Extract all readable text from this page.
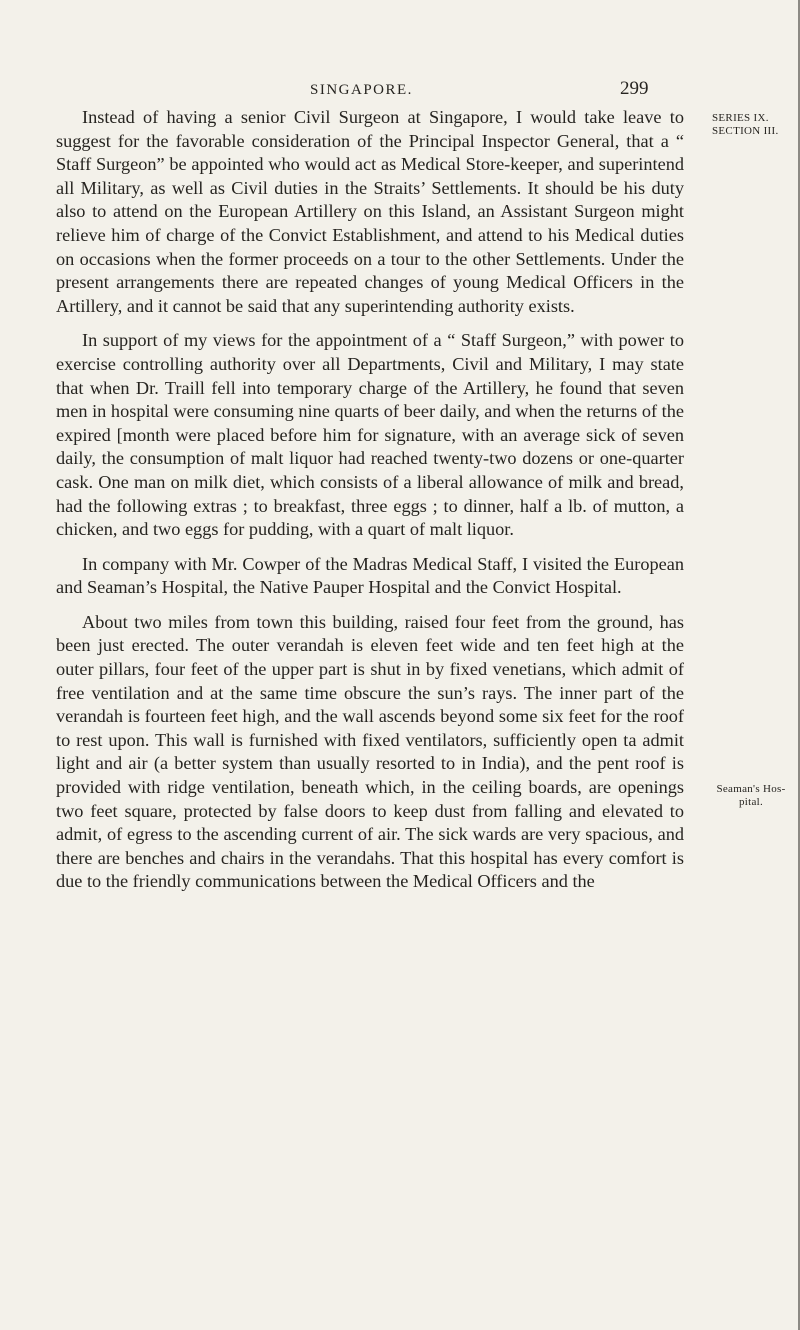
SINGAPORE.	299
SERIES IX.
SECTION III.
Seaman's Hos-
pital.

Instead of having a senior Civil Surgeon at Singapore, I would take leave to suggest for the favorable consideration of the Principal Inspector General, that a “ Staff Surgeon” be appointed who would act as Medical Store-keeper, and superintend all Military, as well as Civil duties in the Straits’ Settlements. It should be his duty also to attend on the European Artillery on this Island, an Assistant Surgeon might relieve him of charge of the Convict Establishment, and attend to his Medical duties on occasions when the former proceeds on a tour to the other Settlements. Under the present arrangements there are repeated changes of young Medical Officers in the Artillery, and it cannot be said that any superintending authority exists.

In support of my views for the appointment of a “ Staff Surgeon,” with power to exercise controlling authority over all Departments, Civil and Military, I may state that when Dr. Traill fell into temporary charge of the Artillery, he found that seven men in hospital were consuming nine quarts of beer daily, and when the returns of the expired [month were placed before him for signature, with an average sick of seven daily, the consumption of malt liquor had reached twenty-two dozens or one-quarter cask. One man on milk diet, which consists of a liberal allowance of milk and bread, had the following extras ; to breakfast, three eggs ; to dinner, half a lb. of mutton, a chicken, and two eggs for pudding, with a quart of malt liquor.

In company with Mr. Cowper of the Madras Medical Staff, I visited the European and Seaman’s Hospital, the Native Pauper Hospital and the Convict Hospital.

About two miles from town this building, raised four feet from the ground, has been just erected. The outer verandah is eleven feet wide and ten feet high at the outer pillars, four feet of the upper part is shut in by fixed venetians, which admit of free ventilation and at the same time obscure the sun’s rays. The inner part of the verandah is fourteen feet high, and the wall ascends beyond some six feet for the roof to rest upon. This wall is furnished with fixed ventilators, sufficiently open ta admit light and air (a better system than usually resorted to in India), and the pent roof is provided with ridge ventilation, beneath which, in the ceiling boards, are openings two feet square, protected by false doors to keep dust from falling and elevated to admit, of egress to the ascending current of air. The sick wards are very spacious, and there are benches and chairs in the verandahs. That this hospital has every comfort is due to the friendly communications between the Medical Officers and the
